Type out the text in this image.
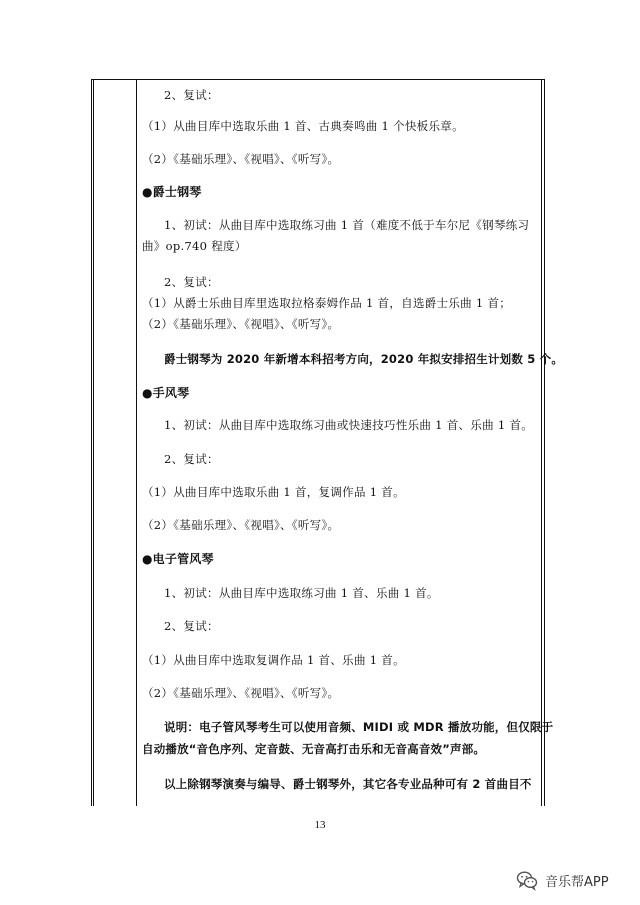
2、复试：
（1）从曲目库中选取乐曲 1 首、古典奏鸣曲 1 个快板乐章。
（2）《基础乐理》、《视唱》、《听写》。
●爵士钢琴
1、初试：从曲目库中选取练习曲 1 首（难度不低于车尔尼《钢琴练习
曲》op.740 程度）
2、复试：
（1）从爵士乐曲目库里选取拉格泰姆作品 1 首，自选爵士乐曲 1 首；
（2）《基础乐理》、《视唱》、《听写》。
爵士钢琴为 2020 年新增本科招考方向，2020 年拟安排招生计划数 5 个。
●手风琴
1、初试：从曲目库中选取练习曲或快速技巧性乐曲 1 首、乐曲 1 首。
2、复试：
（1）从曲目库中选取乐曲 1 首，复调作品 1 首。
（2）《基础乐理》、《视唱》、《听写》。
●电子管风琴
1、初试：从曲目库中选取练习曲 1 首、乐曲 1 首。
2、复试：
（1）从曲目库中选取复调作品 1 首、乐曲 1 首。
（2）《基础乐理》、《视唱》、《听写》。
说明：电子管风琴考生可以使用音频、MIDI 或 MDR 播放功能，但仅限于
自动播放“音色序列、定音鼓、无音高打击乐和无音高音效”声部。
以上除钢琴演奏与编导、爵士钢琴外，其它各专业品种可有 2 首曲目不
13
音乐帮APP
